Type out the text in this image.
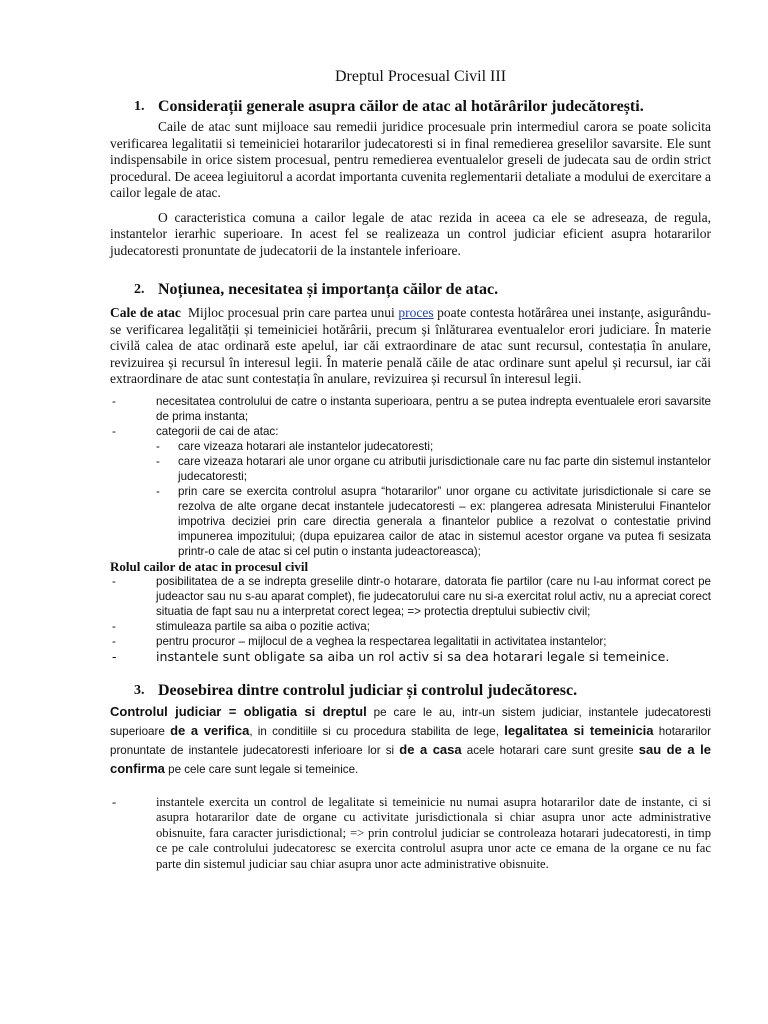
Dreptul Procesual Civil III
1. Considerații generale asupra căilor de atac al hotărârilor judecătorești.

Caile de atac sunt mijloace sau remedii juridice procesuale prin intermediul carora se poate solicita verificarea legalitatii si temeiniciei hotararilor judecatoresti si in final remedierea greselilor savarsite. Ele sunt indispensabile in orice sistem procesual, pentru remedierea eventualelor greseli de judecata sau de ordin strict procedural. De aceea legiuitorul a acordat importanta cuvenita reglementarii detaliate a modului de exercitare a cailor legale de atac.

O caracteristica comuna a cailor legale de atac rezida in aceea ca ele se adreseaza, de regula, instantelor ierarhic superioare. In acest fel se realizeaza un control judiciar eficient asupra hotararilor judecatoresti pronuntate de judecatorii de la instantele inferioare.

2. Noțiunea, necesitatea și importanța căilor de atac.

Cale de atac Mijloc procesual prin care partea unui proces poate contesta hotărârea unei instanțe, asigurându-se verificarea legalității și temeiniciei hotărârii, precum și înlăturarea eventualelor erori judiciare. În materie civilă calea de atac ordinară este apelul, iar căi extraordinare de atac sunt recursul, contestația în anulare, revizuirea și recursul în interesul legii. În materie penală căile de atac ordinare sunt apelul și recursul, iar căi extraordinare de atac sunt contestația în anulare, revizuirea și recursul în interesul legii.

- necesitatea controlului de catre o instanta superioara, pentru a se putea indrepta eventualele erori savarsite de prima instanta;
- categorii de cai de atac:
- care vizeaza hotarari ale instantelor judecatoresti;
- care vizeaza hotarari ale unor organe cu atributii jurisdictionale care nu fac parte din sistemul instantelor judecatoresti;
- prin care se exercita controlul asupra “hotararilor” unor organe cu activitate jurisdictionale si care se rezolva de alte organe decat instantele judecatoresti – ex: plangerea adresata Ministerului Finantelor impotriva deciziei prin care directia generala a finantelor publice a rezolvat o contestatie privind impunerea impozitului; (dupa epuizarea cailor de atac in sistemul acestor organe va putea fi sesizata printr-o cale de atac si cel putin o instanta judeactoreasca);

Rolul cailor de atac in procesul civil

- posibilitatea de a se indrepta greselile dintr-o hotarare, datorata fie partilor (care nu l-au informat corect pe judeactor sau nu s-au aparat complet), fie judecatorului care nu si-a exercitat rolul activ, nu a apreciat corect situatia de fapt sau nu a interpretat corect legea; => protectia dreptului subiectiv civil;
- stimuleaza partile sa aiba o pozitie activa;
- pentru procuror – mijlocul de a veghea la respectarea legalitatii in activitatea instantelor;
- instantele sunt obligate sa aiba un rol activ si sa dea hotarari legale si temeinice.
3. Deosebirea dintre controlul judiciar și controlul judecătoresc.

Controlul judiciar = obligatia si dreptul pe care le au, intr-un sistem judiciar, instantele judecatoresti superioare de a verifica, in conditiile si cu procedura stabilita de lege, legalitatea si temeinicia hotararilor pronuntate de instantele judecatoresti inferioare lor si de a casa acele hotarari care sunt gresite sau de a le confirma pe cele care sunt legale si temeinice.

- instantele exercita un control de legalitate si temeinicie nu numai asupra hotararilor date de instante, ci si asupra hotararilor date de organe cu activitate jurisdictionala si chiar asupra unor acte administrative obisnuite, fara caracter jurisdictional; => prin controlul judiciar se controleaza hotarari judecatoresti, in timp ce pe cale controlului judecatoresc se exercita controlul asupra unor acte ce emana de la organe ce nu fac parte din sistemul judiciar sau chiar asupra unor acte administrative obisnuite.
